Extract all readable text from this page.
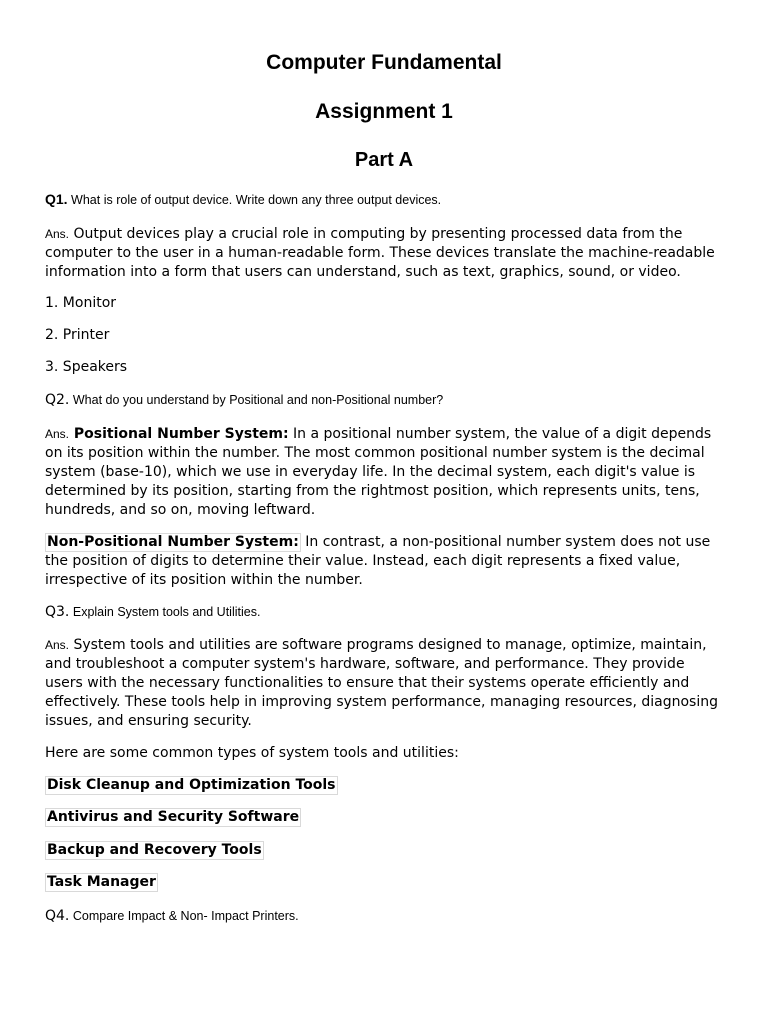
Computer Fundamental
Assignment 1
Part A

Q1. What is role of output device. Write down any three output devices.

Ans. Output devices play a crucial role in computing by presenting processed data from the computer to the user in a human-readable form. These devices translate the machine-readable information into a form that users can understand, such as text, graphics, sound, or video.

1. Monitor

2. Printer

3. Speakers

Q2. What do you understand by Positional and non-Positional number?

Ans. Positional Number System: In a positional number system, the value of a digit depends on its position within the number. The most common positional number system is the decimal system (base-10), which we use in everyday life. In the decimal system, each digit's value is determined by its position, starting from the rightmost position, which represents units, tens, hundreds, and so on, moving leftward.

Non-Positional Number System: In contrast, a non-positional number system does not use the position of digits to determine their value. Instead, each digit represents a fixed value, irrespective of its position within the number.

Q3. Explain System tools and Utilities.

Ans. System tools and utilities are software programs designed to manage, optimize, maintain, and troubleshoot a computer system's hardware, software, and performance. They provide users with the necessary functionalities to ensure that their systems operate efficiently and effectively. These tools help in improving system performance, managing resources, diagnosing issues, and ensuring security.

Here are some common types of system tools and utilities:

Disk Cleanup and Optimization Tools

Antivirus and Security Software

Backup and Recovery Tools

Task Manager

Q4. Compare Impact & Non- Impact Printers.
